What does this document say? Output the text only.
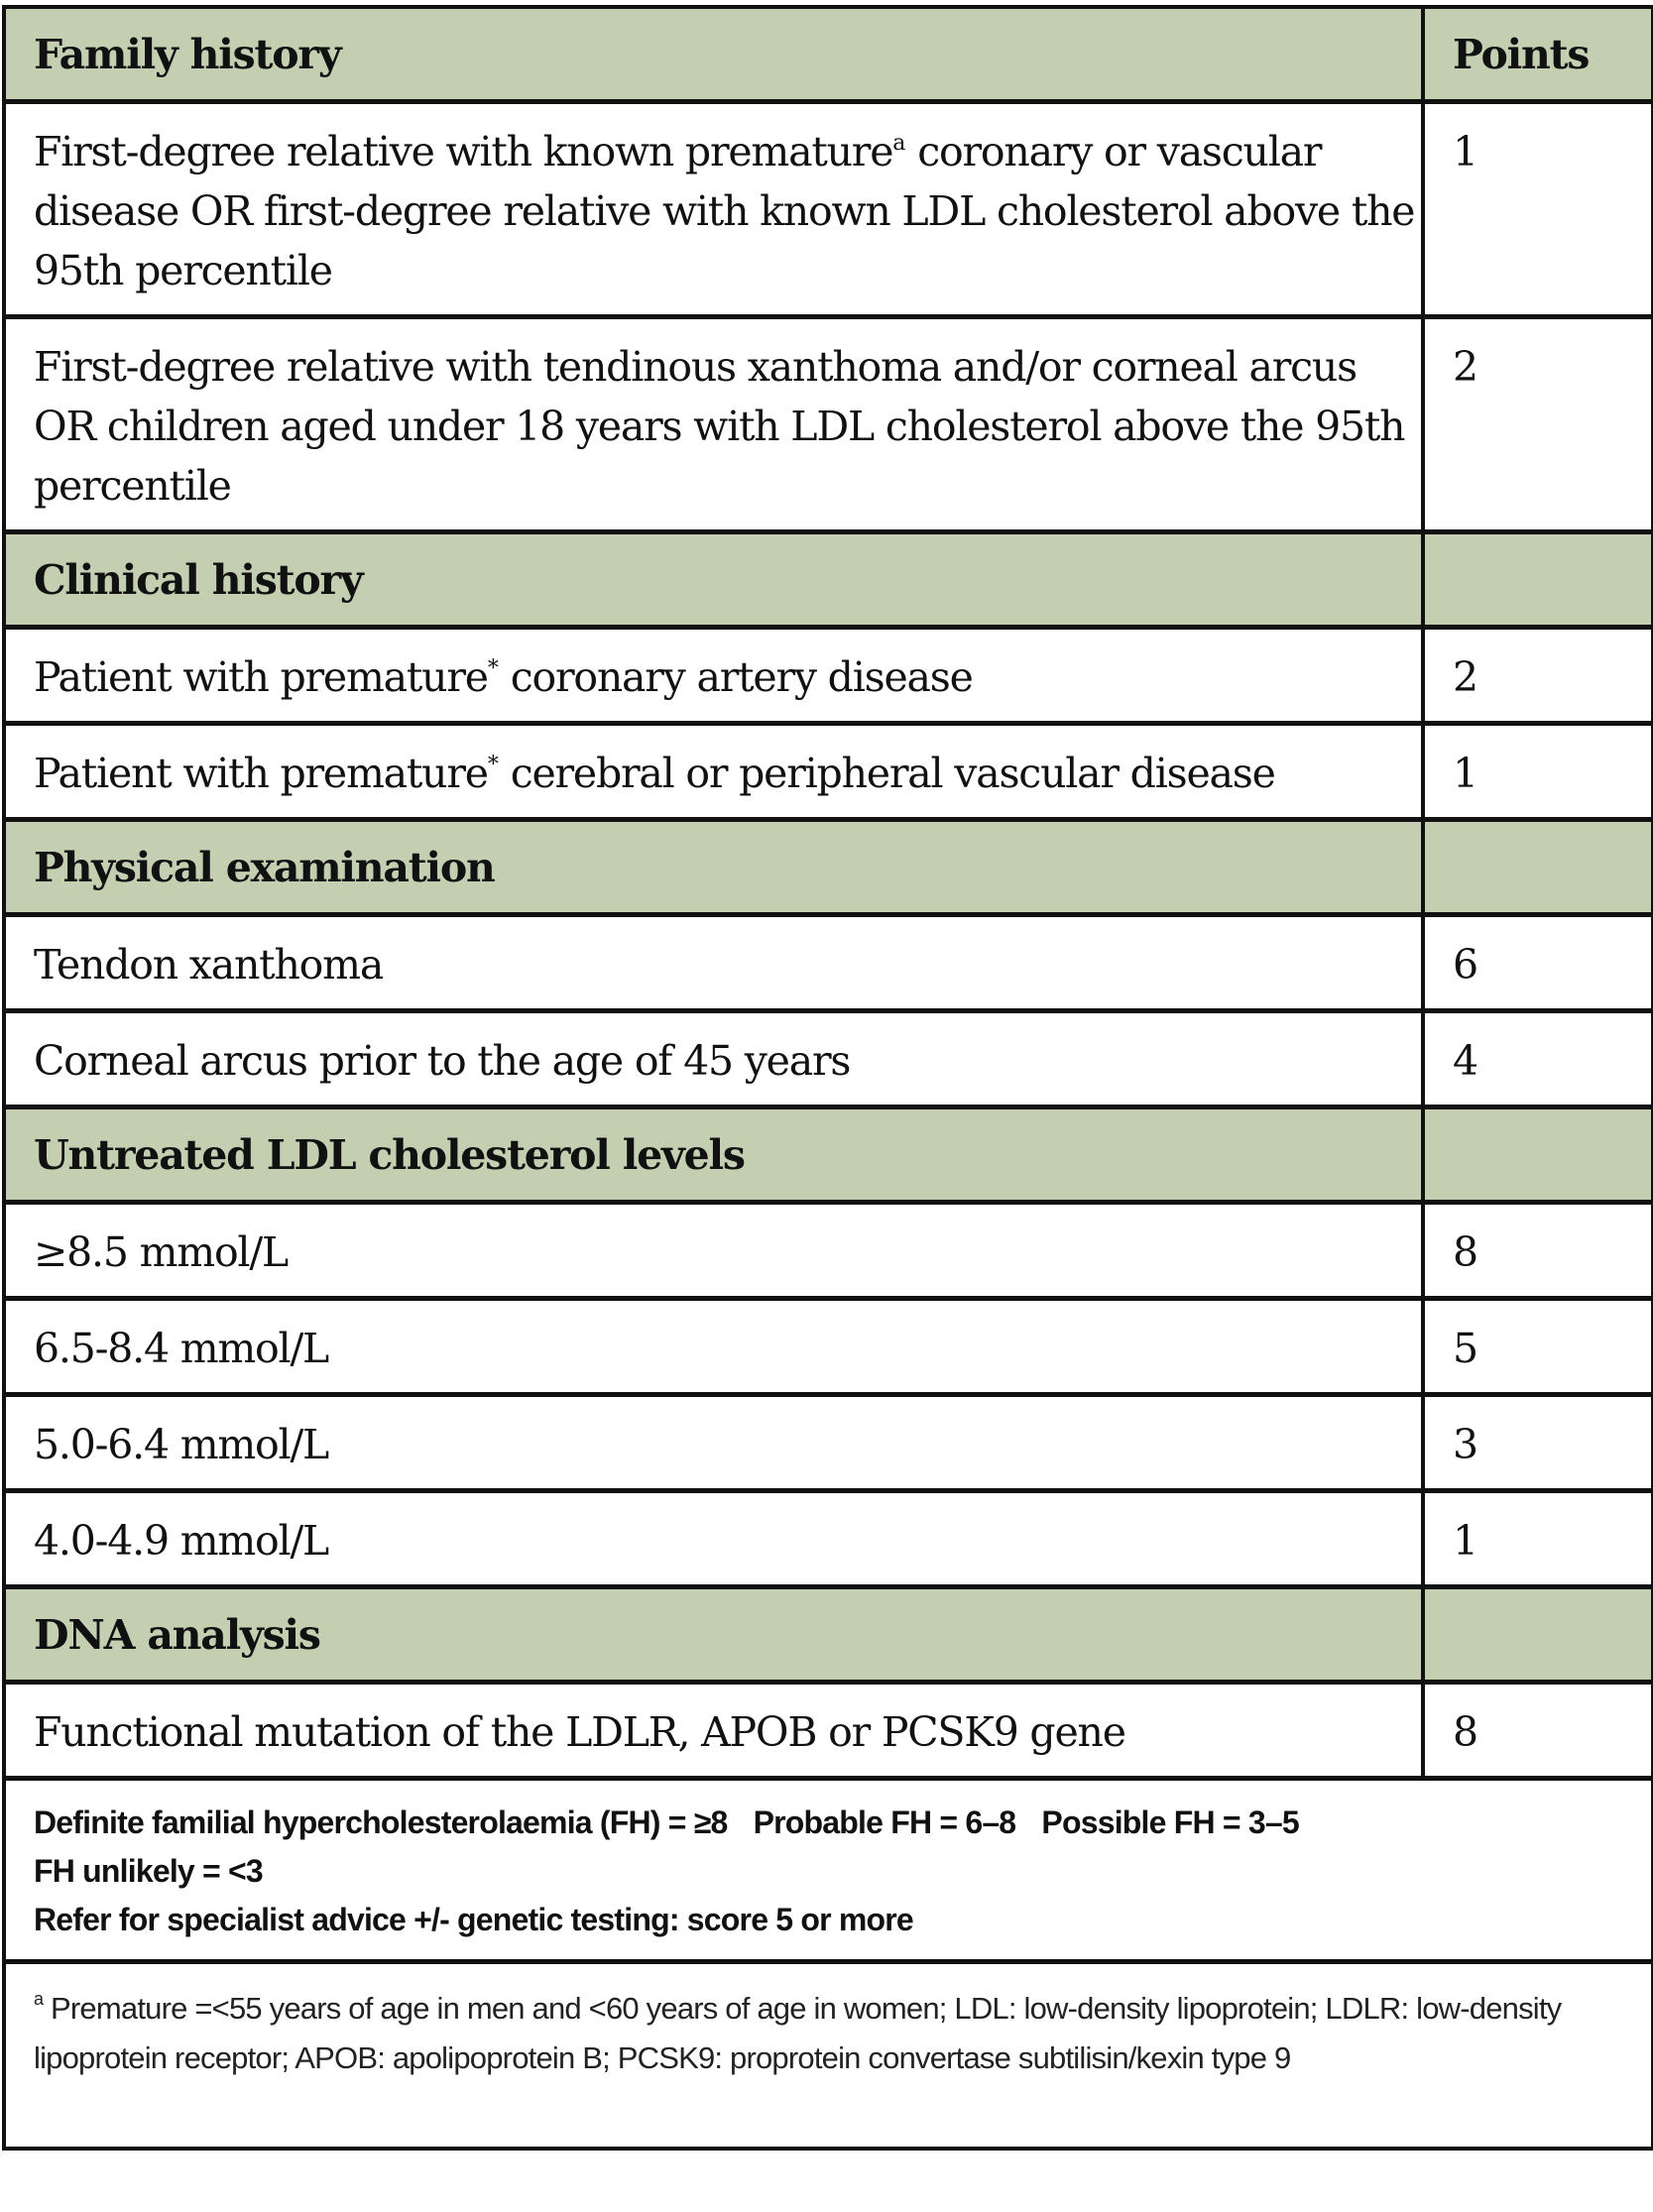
Family history	Points
First-degree relative with known premature$^a$ coronary or vascular disease OR first-degree relative with known LDL cholesterol above the 95th percentile	1
First-degree relative with tendinous xanthoma and/or corneal arcus OR children aged under 18 years with LDL cholesterol above the 95th percentile	2
Clinical history	
Patient with premature* coronary artery disease	2
Patient with premature* cerebral or peripheral vascular disease	1
Physical examination	
Tendon xanthoma	6
Corneal arcus prior to the age of 45 years	4
Untreated LDL cholesterol levels	
≥8.5 mmol/L	8
6.5-8.4 mmol/L	5
5.0-6.4 mmol/L	3
4.0-4.9 mmol/L	1
DNA analysis	
Functional mutation of the LDLR, APOB or PCSK9 gene	8
Definite familial hypercholesterolaemia (FH) = ≥8 Probable FH = 6–8 Possible FH = 3–5
FH unlikely = <3
Refer for specialist advice +/- genetic testing: score 5 or more
$^a$ Premature =<55 years of age in men and <60 years of age in women; LDL: low-density lipoprotein; LDLR: low-density lipoprotein receptor; APOB: apolipoprotein B; PCSK9: proprotein convertase subtilisin/kexin type 9
